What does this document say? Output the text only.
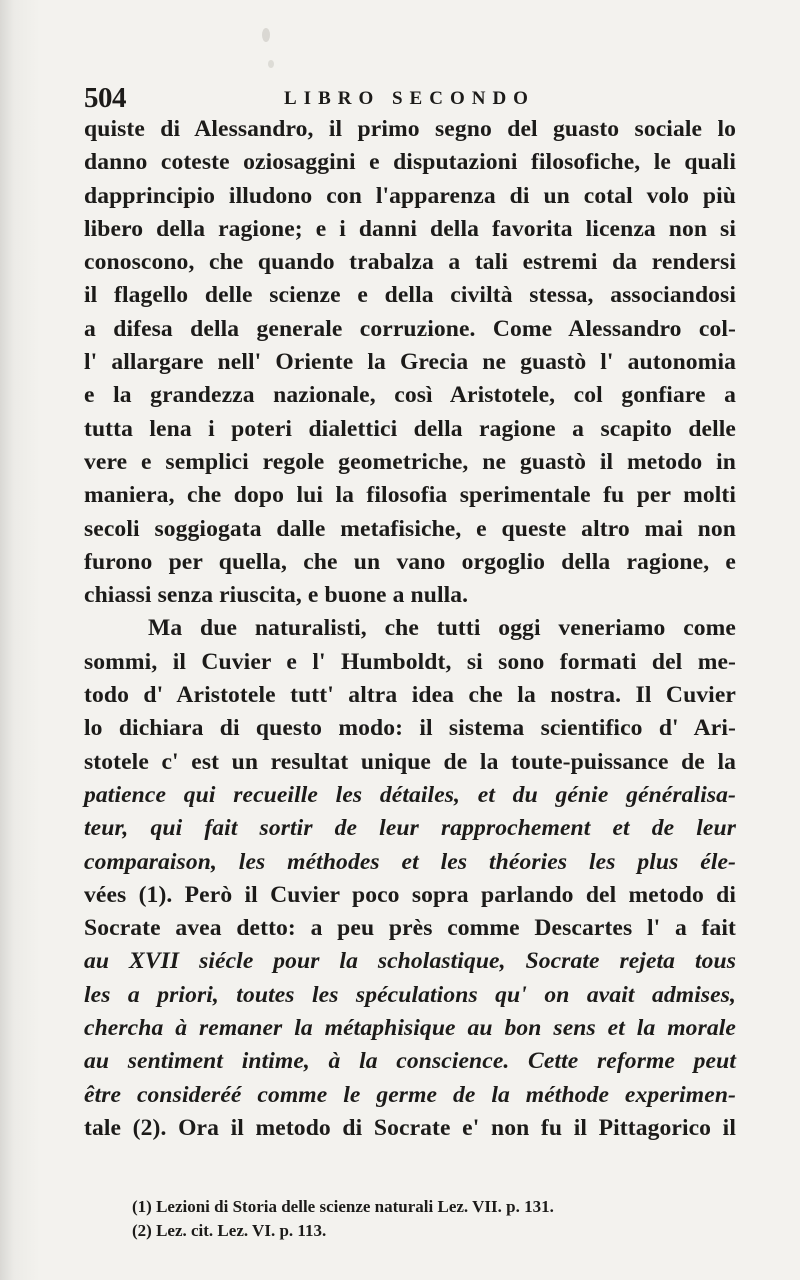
504	LIBRO SECONDO
quiste di Alessandro, il primo segno del guasto sociale lo
danno coteste oziosaggini e disputazioni filosofiche, le quali
dapprincipio illudono con l'apparenza di un cotal volo più
libero della ragione; e i danni della favorita licenza non si
conoscono, che quando trabalza a tali estremi da rendersi
il flagello delle scienze e della civiltà stessa, associandosi
a difesa della generale corruzione. Come Alessandro col-
l' allargare nell' Oriente la Grecia ne guastò l' autonomia
e la grandezza nazionale, così Aristotele, col gonfiare a
tutta lena i poteri dialettici della ragione a scapito delle
vere e semplici regole geometriche, ne guastò il metodo in
maniera, che dopo lui la filosofia sperimentale fu per molti
secoli soggiogata dalle metafisiche, e queste altro mai non
furono per quella, che un vano orgoglio della ragione, e
chiassi senza riuscita, e buone a nulla.
Ma due naturalisti, che tutti oggi veneriamo come
sommi, il Cuvier e l' Humboldt, si sono formati del me-
todo d' Aristotele tutt' altra idea che la nostra. Il Cuvier
lo dichiara di questo modo: il sistema scientifico d' Ari-
stotele c' est un resultat unique de la toute-puissance de la
patience qui recueille les détailes, et du génie généralisa-
teur, qui fait sortir de leur rapprochement et de leur
comparaison, les méthodes et les théories les plus éle-
vées (1). Però il Cuvier poco sopra parlando del metodo di
Socrate avea detto: a peu près comme Descartes l' a fait
au XVII siécle pour la scholastique, Socrate rejeta tous
les a priori, toutes les spéculations qu' on avait admises,
chercha à remaner la métaphisique au bon sens et la morale
au sentiment intime, à la conscience. Cette reforme peut
être consideréé comme le germe de la méthode experimen-
tale (2). Ora il metodo di Socrate e' non fu il Pittagorico il
(1) Lezioni di Storia delle scienze naturali Lez. VII. p. 131.
(2) Lez. cit. Lez. VI. p. 113.
